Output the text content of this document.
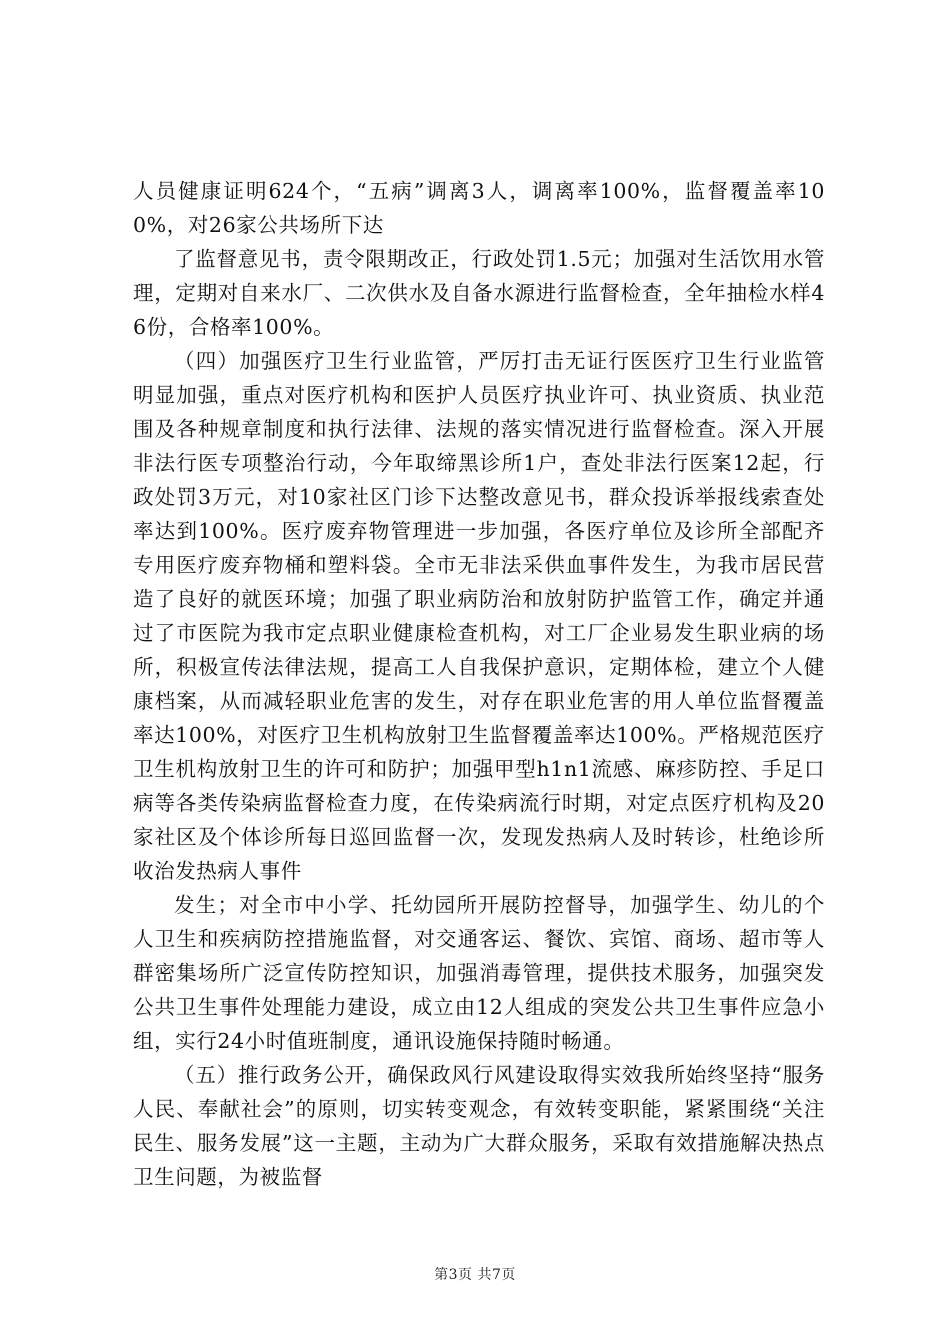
人员健康证明624个，“五病”调离3人，调离率100%，监督覆盖率100%，对26家公共场所下达

了监督意见书，责令限期改正，行政处罚1.5元；加强对生活饮用水管理，定期对自来水厂、二次供水及自备水源进行监督检查，全年抽检水样46份，合格率100%。

（四）加强医疗卫生行业监管，严厉打击无证行医医疗卫生行业监管明显加强，重点对医疗机构和医护人员医疗执业许可、执业资质、执业范围及各种规章制度和执行法律、法规的落实情况进行监督检查。深入开展非法行医专项整治行动，今年取缔黑诊所1户，查处非法行医案12起，行政处罚3万元，对10家社区门诊下达整改意见书，群众投诉举报线索查处率达到100%。医疗废弃物管理进一步加强，各医疗单位及诊所全部配齐专用医疗废弃物桶和塑料袋。全市无非法采供血事件发生，为我市居民营造了良好的就医环境；加强了职业病防治和放射防护监管工作，确定并通过了市医院为我市定点职业健康检查机构，对工厂企业易发生职业病的场所，积极宣传法律法规，提高工人自我保护意识，定期体检，建立个人健康档案，从而减轻职业危害的发生，对存在职业危害的用人单位监督覆盖率达100%，对医疗卫生机构放射卫生监督覆盖率达100%。严格规范医疗卫生机构放射卫生的许可和防护；加强甲型h1n1流感、麻疹防控、手足口病等各类传染病监督检查力度，在传染病流行时期，对定点医疗机构及20家社区及个体诊所每日巡回监督一次，发现发热病人及时转诊，杜绝诊所收治发热病人事件

发生；对全市中小学、托幼园所开展防控督导，加强学生、幼儿的个人卫生和疾病防控措施监督，对交通客运、餐饮、宾馆、商场、超市等人群密集场所广泛宣传防控知识，加强消毒管理，提供技术服务，加强突发公共卫生事件处理能力建设，成立由12人组成的突发公共卫生事件应急小组，实行24小时值班制度，通讯设施保持随时畅通。

（五）推行政务公开，确保政风行风建设取得实效我所始终坚持“服务人民、奉献社会”的原则，切实转变观念，有效转变职能，紧紧围绕“关注民生、服务发展”这一主题，主动为广大群众服务，采取有效措施解决热点卫生问题，为被监督

第3页 共7页
